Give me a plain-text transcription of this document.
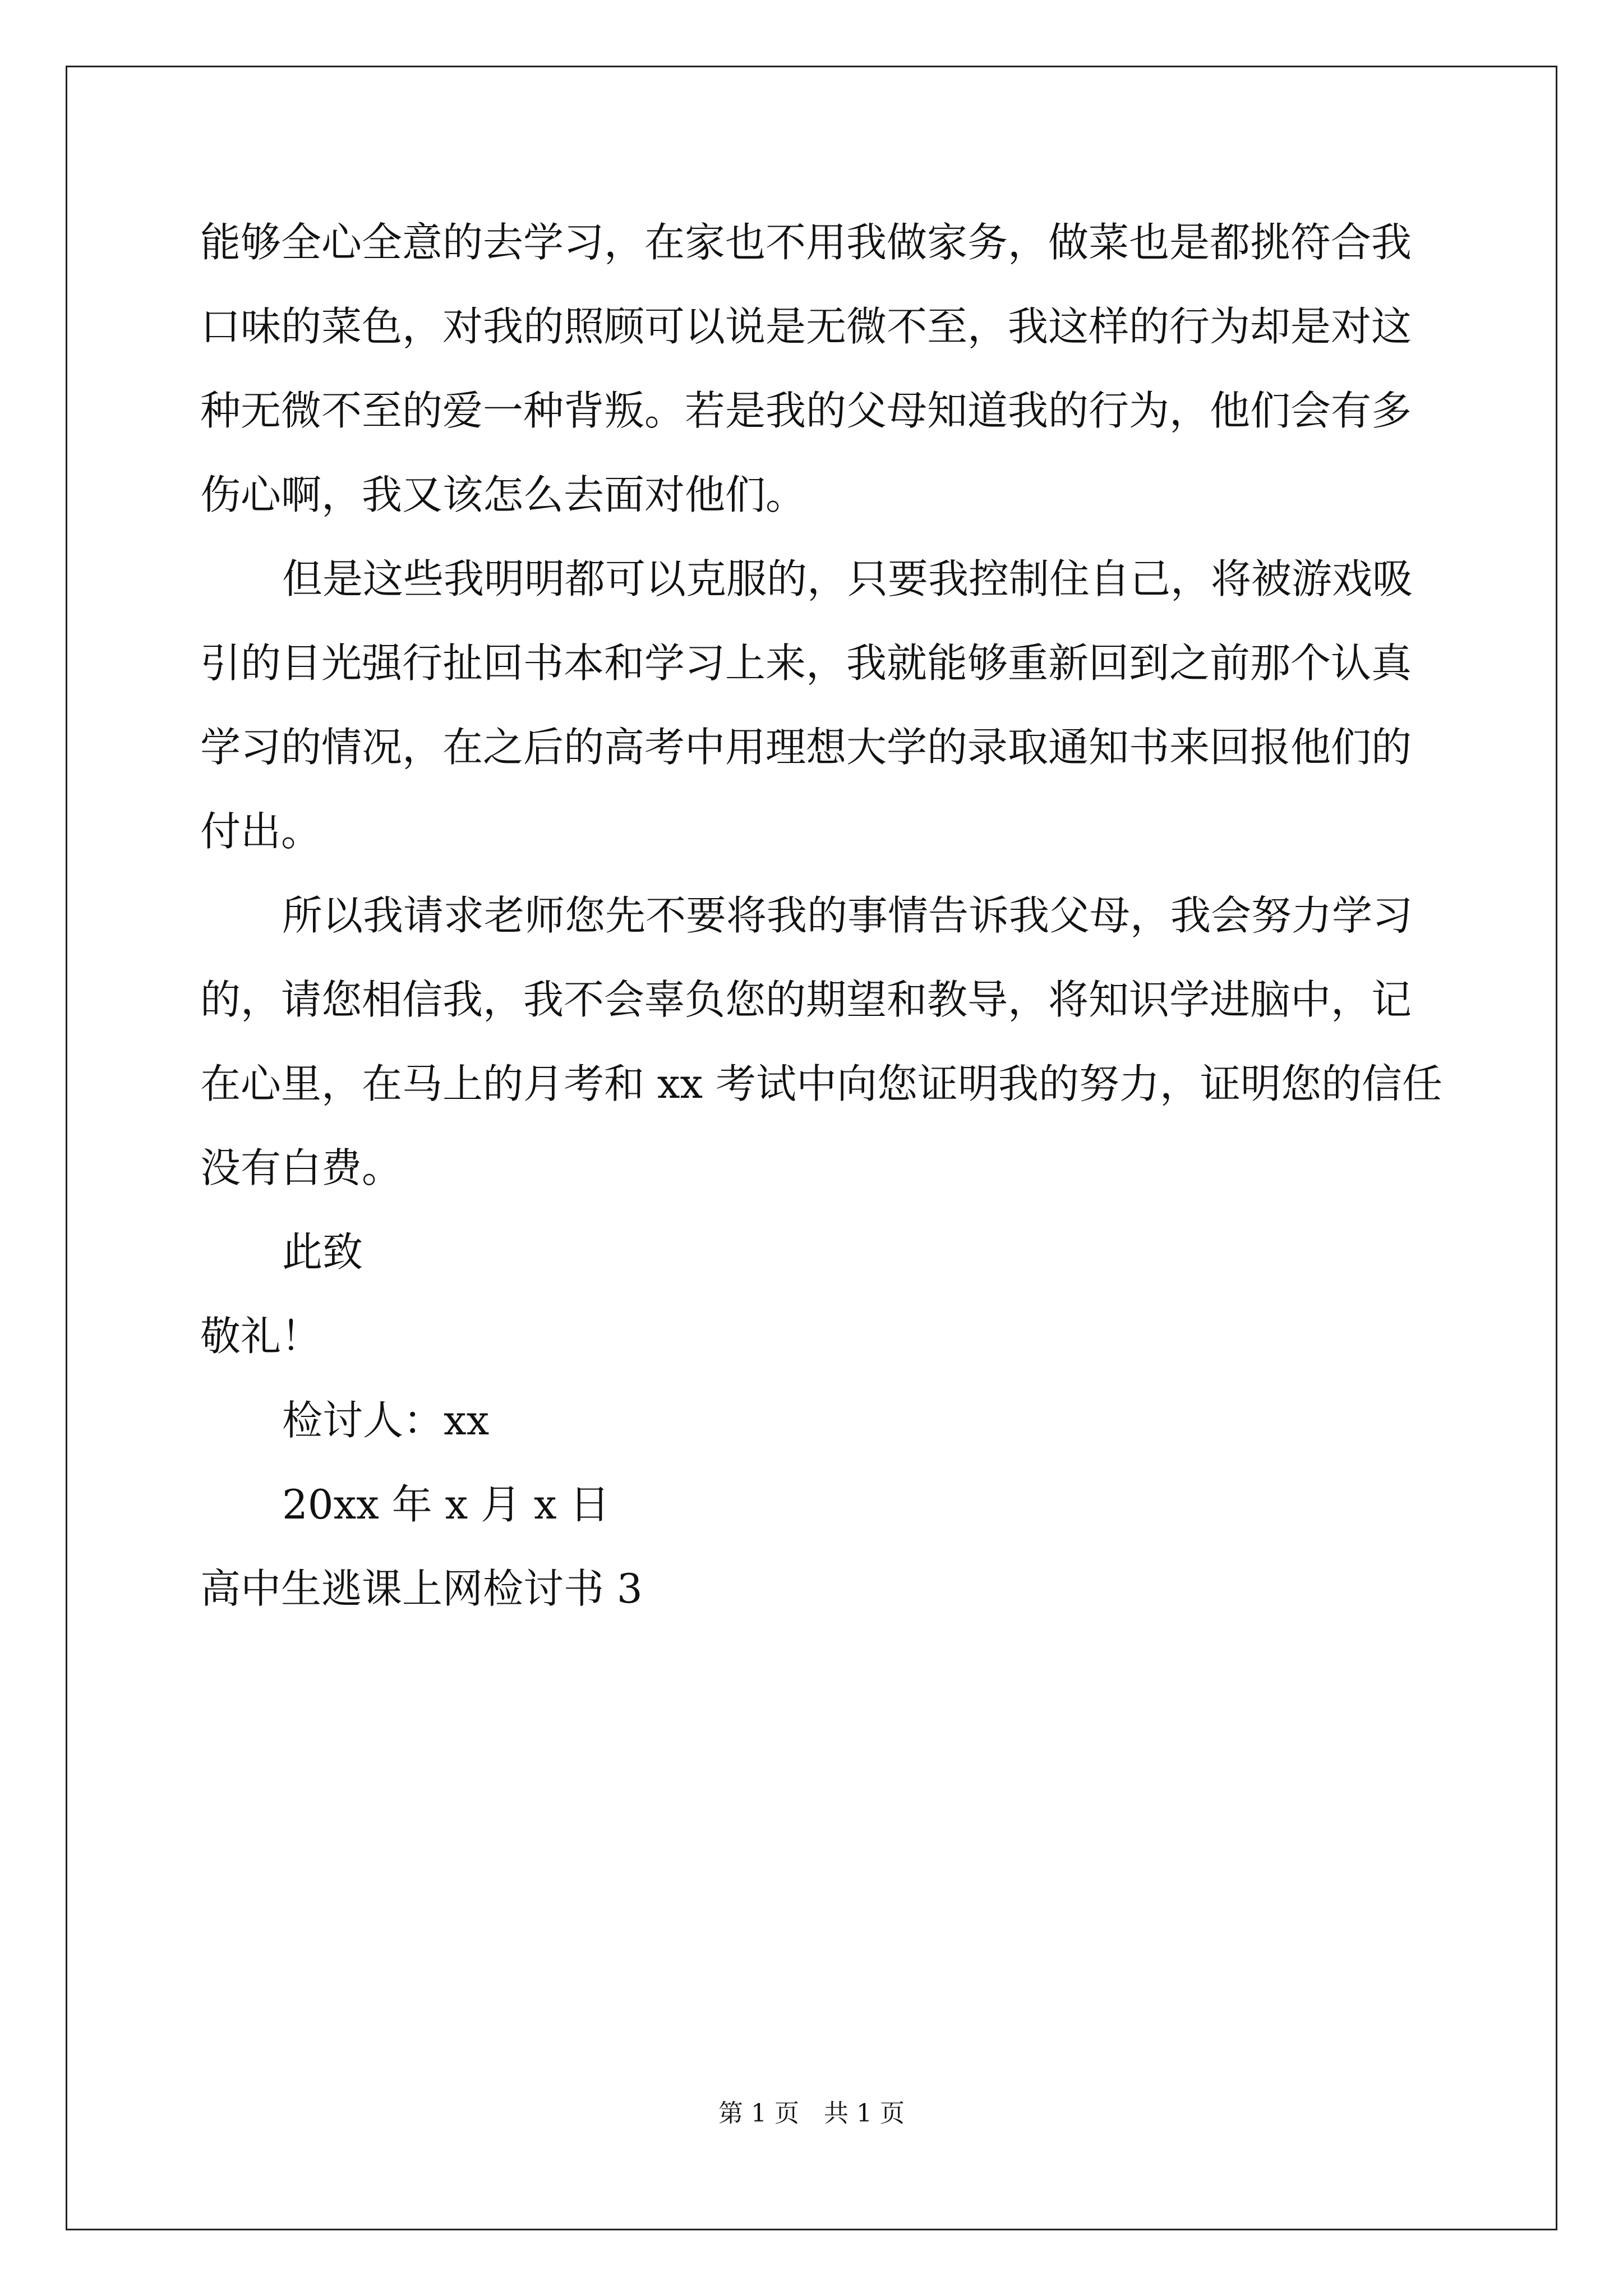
能够全心全意的去学习，在家也不用我做家务，做菜也是都挑符合我
口味的菜色，对我的照顾可以说是无微不至，我这样的行为却是对这
种无微不至的爱一种背叛。若是我的父母知道我的行为，他们会有多
伤心啊，我又该怎么去面对他们。
但是这些我明明都可以克服的，只要我控制住自己，将被游戏吸
引的目光强行扯回书本和学习上来，我就能够重新回到之前那个认真
学习的情况，在之后的高考中用理想大学的录取通知书来回报他们的
付出。
所以我请求老师您先不要将我的事情告诉我父母，我会努力学习
的，请您相信我，我不会辜负您的期望和教导，将知识学进脑中，记
在心里，在马上的月考和 xx 考试中向您证明我的努力，证明您的信任
没有白费。
此致
敬礼！
检讨人：xx
20xx 年 x 月 x 日
高中生逃课上网检讨书 3
第 1 页　共 1 页
